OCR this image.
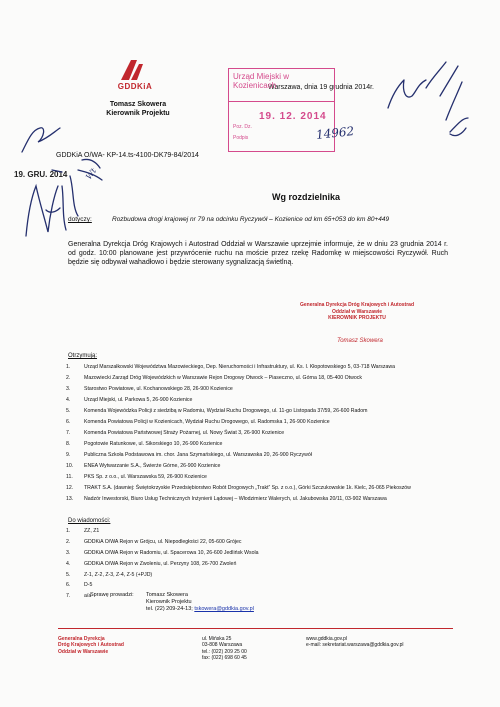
GDDKiA
Tomasz Skowera
Kierownik Projektu
Warszawa, dnia 19 grudnia 2014r.
GDDKiA O/WA- KP-14.ts-4100-DK79-84/2014
Urząd Miejski w Kozienicach
19. 12. 2014
Poz. Dz.
Podpis	14962
19. GRU. 2014 Wt
Wg rozdzielnika
dotyczy:	Rozbudowa drogi krajowej nr 79 na odcinku Ryczywół – Kozienice od km 65+053 do km 80+449
Generalna Dyrekcja Dróg Krajowych i Autostrad Oddział w Warszawie uprzejmie informuje, że w dniu 23 grudnia 2014 r. od godz. 10:00 planowane jest przywrócenie ruchu na moście przez rzekę Radomkę w miejscowości Ryczywół. Ruch będzie się odbywał wahadłowo i będzie sterowany sygnalizacją świetlną.
Generalna Dyrekcja Dróg Krajowych i Autostrad
Oddział w Warszawie
KIEROWNIK PROJEKTU
Tomasz Skowera
Otrzymują:
1.	Urząd Marszałkowski Województwa Mazowieckiego, Dep. Nieruchomości i Infrastruktury, ul. Ks. I. Kłopotowskiego 5, 03-718 Warszawa
2.	Mazowiecki Zarząd Dróg Wojewódzkich w Warszawie Rejon Drogowy Otwock – Piaseczno, ul. Górna 18, 05-400 Otwock
3.	Starostwo Powiatowe, ul. Kochanowskiego 28, 26-900 Kozienice
4.	Urząd Miejski, ul. Parkowa 5, 26-900 Kozienice
5.	Komenda Wojewódzka Policji z siedzibą w Radomiu, Wydział Ruchu Drogowego, ul. 11-go Listopada 37/59, 26-600 Radom
6.	Komenda Powiatowa Policji w Kozienicach, Wydział Ruchu Drogowego, ul. Radomska 1, 26-900 Kozienice
7.	Komenda Powiatowa Państwowej Straży Pożarnej, ul. Nowy Świat 3, 26-900 Kozienice
8.	Pogotowie Ratunkowe, ul. Sikorskiego 10, 26-900 Kozienice
9.	Publiczna Szkoła Podstawowa im. chor. Jana Szymańskiego, ul. Warszawska 20, 26-900 Ryczywół
10.	ENEA Wytwarzanie S.A., Świerże Górne, 26-900 Kozienice
11.	PKS Sp. z o.o., ul. Warszawska 59, 26-900 Kozienice
12.	TRAKT S.A. (dawniej: Świętokrzyskie Przedsiębiorstwo Robót Drogowych „Trakt” Sp. z o.o.), Górki Szczukowskie 1k. Kielc, 26-065 Piekoszów
13.	Nadzór Inwestorski, Biuro Usług Technicznych Inżynierii Lądowej – Włodzimierz Walerych, ul. Jakubowska 20/11, 03-902 Warszawa
Do wiadomości:
1.	ZZ, Z1
2.	GDDKiA O/WA Rejon w Grójcu, ul. Niepodległości 22, 05-600 Grójec
3.	GDDKiA O/WA Rejon w Radomiu, ul. Spacerowa 10, 26-600 Jedlińsk Wsola
4.	GDDKiA O/WA Rejon w Zwoleniu, ul. Perzyny 108, 26-700 Zwoleń
5.	Z-1, Z-2, Z-3, Z-4, Z-5 (+PJD)
6.	D-5
7.	a/a
Sprawę prowadzi: Tomasz Skowera
Kierownik Projektu
tel. (22) 209-24-13; tskowera@gddkia.gov.pl
Generalna Dyrekcja
Dróg Krajowych i Autostrad
Oddział w Warszawie
ul. Mińska 25
03-808 Warszawa
tel.: (022) 209 25 00
fax: (022) 698 60 45
www.gddkia.gov.pl
e-mail: sekretariat.warszawa@gddkia.gov.pl
